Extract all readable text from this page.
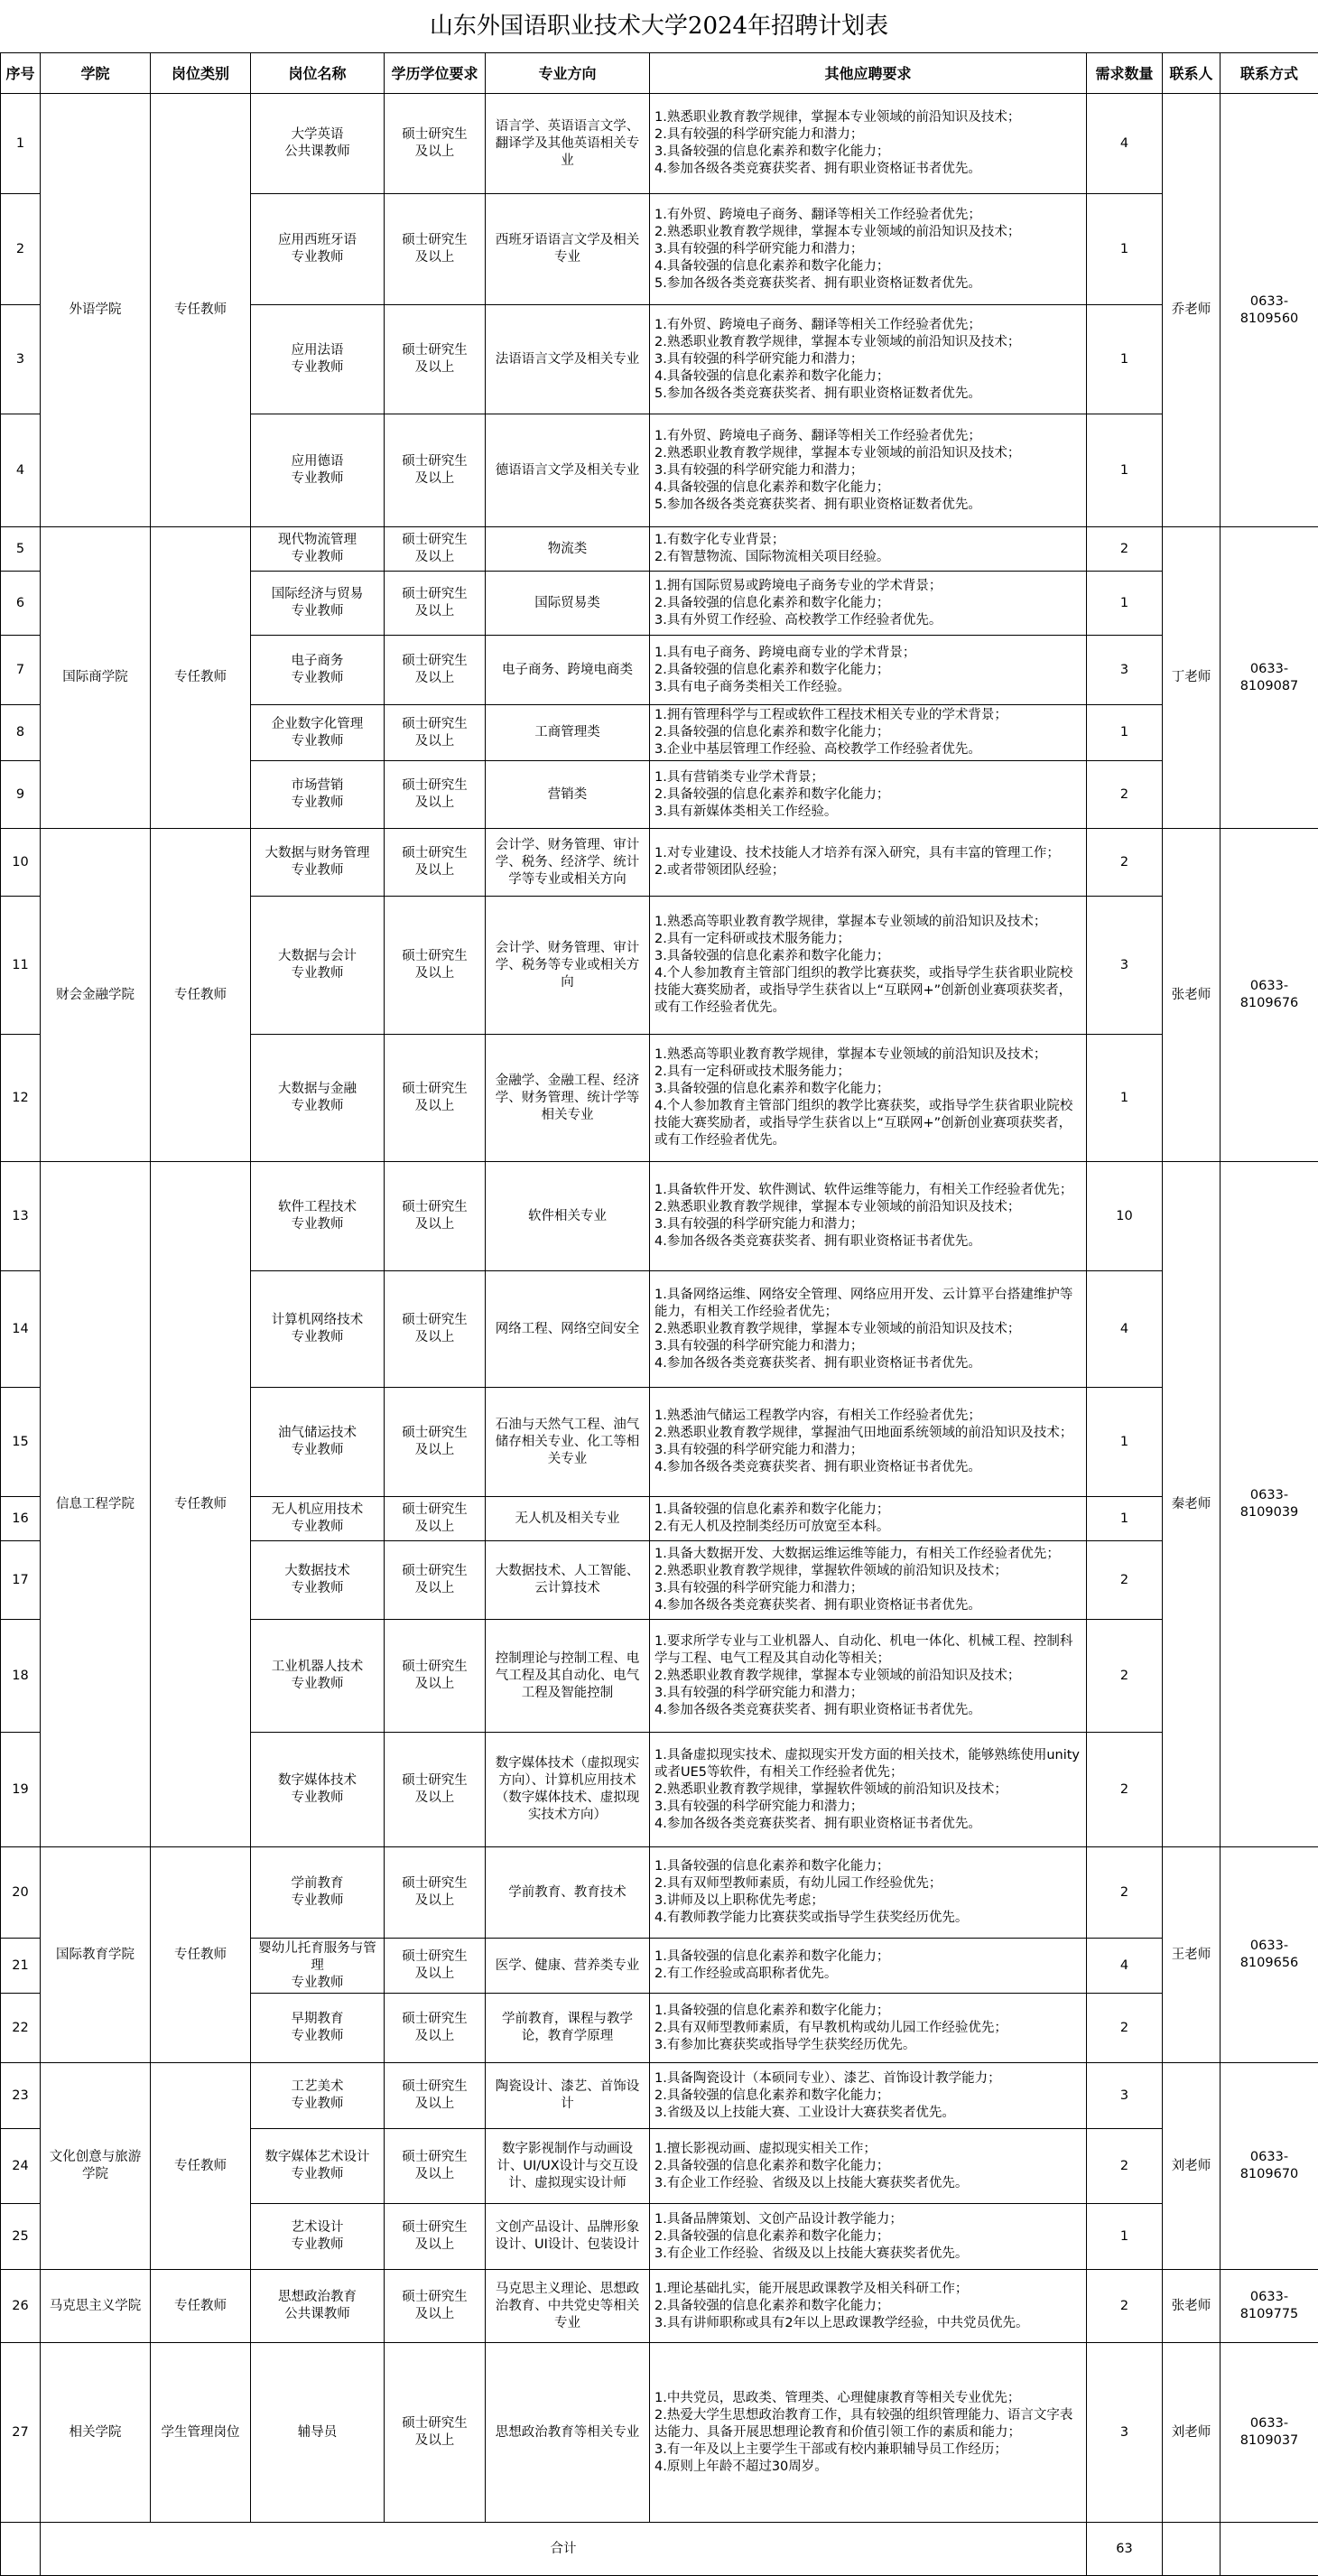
山东外国语职业技术大学2024年招聘计划表
序号	学院	岗位类别	岗位名称	学历学位要求	专业方向	其他应聘要求	需求数量	联系人	联系方式
1	外语学院	专任教师	大学英语
公共课教师	硕士研究生
及以上	语言学、英语语言文学、翻译学及其他英语相关专业	1.熟悉职业教育教学规律，掌握本专业领域的前沿知识及技术；
2.具有较强的科学研究能力和潜力；
3.具备较强的信息化素养和数字化能力；
4.参加各级各类竞赛获奖者、拥有职业资格证书者优先。	4	乔老师	0633-8109560
2			应用西班牙语
专业教师	硕士研究生
及以上	西班牙语语言文学及相关专业	1.有外贸、跨境电子商务、翻译等相关工作经验者优先；
2.熟悉职业教育教学规律，掌握本专业领域的前沿知识及技术；
3.具有较强的科学研究能力和潜力；
4.具备较强的信息化素养和数字化能力；
5.参加各级各类竞赛获奖者、拥有职业资格证数者优先。	1		
3			应用法语
专业教师	硕士研究生
及以上	法语语言文学及相关专业	1.有外贸、跨境电子商务、翻译等相关工作经验者优先；
2.熟悉职业教育教学规律，掌握本专业领域的前沿知识及技术；
3.具有较强的科学研究能力和潜力；
4.具备较强的信息化素养和数字化能力；
5.参加各级各类竞赛获奖者、拥有职业资格证数者优先。	1		
4			应用德语
专业教师	硕士研究生
及以上	德语语言文学及相关专业	1.有外贸、跨境电子商务、翻译等相关工作经验者优先；
2.熟悉职业教育教学规律，掌握本专业领域的前沿知识及技术；
3.具有较强的科学研究能力和潜力；
4.具备较强的信息化素养和数字化能力；
5.参加各级各类竞赛获奖者、拥有职业资格证数者优先。	1		
5	国际商学院	专任教师	现代物流管理
专业教师	硕士研究生
及以上	物流类	1.有数字化专业背景；
2.有智慧物流、国际物流相关项目经验。	2	丁老师	0633-8109087
6			国际经济与贸易
专业教师	硕士研究生
及以上	国际贸易类	1.拥有国际贸易或跨境电子商务专业的学术背景；
2.具备较强的信息化素养和数字化能力；
3.具有外贸工作经验、高校教学工作经验者优先。	1		
7			电子商务
专业教师	硕士研究生
及以上	电子商务、跨境电商类	1.具有电子商务、跨境电商专业的学术背景；
2.具备较强的信息化素养和数字化能力；
3.具有电子商务类相关工作经验。	3		
8			企业数字化管理
专业教师	硕士研究生
及以上	工商管理类	1.拥有管理科学与工程或软件工程技术相关专业的学术背景；
2.具备较强的信息化素养和数字化能力；
3.企业中基层管理工作经验、高校教学工作经验者优先。	1		
9			市场营销
专业教师	硕士研究生
及以上	营销类	1.具有营销类专业学术背景；
2.具备较强的信息化素养和数字化能力；
3.具有新媒体类相关工作经验。	2		
10	财会金融学院	专任教师	大数据与财务管理
专业教师	硕士研究生
及以上	会计学、财务管理、审计学、税务、经济学、统计学等专业或相关方向	1.对专业建设、技术技能人才培养有深入研究，具有丰富的管理工作；
2.或者带领团队经验；	2	张老师	0633-8109676
11			大数据与会计
专业教师	硕士研究生
及以上	会计学、财务管理、审计学、税务等专业或相关方向	1.熟悉高等职业教育教学规律，掌握本专业领域的前沿知识及技术；
2.具有一定科研或技术服务能力；
3.具备较强的信息化素养和数字化能力；
4.个人参加教育主管部门组织的教学比赛获奖，或指导学生获省职业院校技能大赛奖励者，或指导学生获省以上“互联网+”创新创业赛项获奖者，或有工作经验者优先。	3		
12			大数据与金融
专业教师	硕士研究生
及以上	金融学、金融工程、经济学、财务管理、统计学等相关专业	1.熟悉高等职业教育教学规律，掌握本专业领域的前沿知识及技术；
2.具有一定科研或技术服务能力；
3.具备较强的信息化素养和数字化能力；
4.个人参加教育主管部门组织的教学比赛获奖，或指导学生获省职业院校技能大赛奖励者，或指导学生获省以上“互联网+”创新创业赛项获奖者，或有工作经验者优先。	1		
13	信息工程学院	专任教师	软件工程技术
专业教师	硕士研究生
及以上	软件相关专业	1.具备软件开发、软件测试、软件运维等能力，有相关工作经验者优先；
2.熟悉职业教育教学规律，掌握本专业领域的前沿知识及技术；
3.具有较强的科学研究能力和潜力；
4.参加各级各类竞赛获奖者、拥有职业资格证书者优先。	10	秦老师	0633-8109039
14			计算机网络技术
专业教师	硕士研究生
及以上	网络工程、网络空间安全	1.具备网络运维、网络安全管理、网络应用开发、云计算平台搭建维护等能力，有相关工作经验者优先；
2.熟悉职业教育教学规律，掌握本专业领域的前沿知识及技术；
3.具有较强的科学研究能力和潜力；
4.参加各级各类竞赛获奖者、拥有职业资格证书者优先。	4		
15			油气储运技术
专业教师	硕士研究生
及以上	石油与天然气工程、油气储存相关专业、化工等相关专业	1.熟悉油气储运工程教学内容，有相关工作经验者优先；
2.熟悉职业教育教学规律，掌握油气田地面系统领域的前沿知识及技术；
3.具有较强的科学研究能力和潜力；
4.参加各级各类竞赛获奖者、拥有职业资格证书者优先。	1		
16			无人机应用技术
专业教师	硕士研究生
及以上	无人机及相关专业	1.具备较强的信息化素养和数字化能力；
2.有无人机及控制类经历可放宽至本科。	1		
17			大数据技术
专业教师	硕士研究生
及以上	大数据技术、人工智能、云计算技术	1.具备大数据开发、大数据运维运维等能力，有相关工作经验者优先；
2.熟悉职业教育教学规律，掌握软件领域的前沿知识及技术；
3.具有较强的科学研究能力和潜力；
4.参加各级各类竞赛获奖者、拥有职业资格证书者优先。	2		
18			工业机器人技术
专业教师	硕士研究生
及以上	控制理论与控制工程、电气工程及其自动化、电气工程及智能控制	1.要求所学专业与工业机器人、自动化、机电一体化、机械工程、控制科学与工程、电气工程及其自动化等相关；
2.熟悉职业教育教学规律，掌握本专业领域的前沿知识及技术；
3.具有较强的科学研究能力和潜力；
4.参加各级各类竞赛获奖者、拥有职业资格证书者优先。	2		
19			数字媒体技术
专业教师	硕士研究生
及以上	数字媒体技术（虚拟现实方向）、计算机应用技术（数字媒体技术、虚拟现实技术方向）	1.具备虚拟现实技术、虚拟现实开发方面的相关技术，能够熟练使用unity或者UE5等软件，有相关工作经验者优先；
2.熟悉职业教育教学规律，掌握软件领域的前沿知识及技术；
3.具有较强的科学研究能力和潜力；
4.参加各级各类竞赛获奖者、拥有职业资格证书者优先。	2		
20	国际教育学院	专任教师	学前教育
专业教师	硕士研究生
及以上	学前教育、教育技术	1.具备较强的信息化素养和数字化能力；
2.具有双师型教师素质，有幼儿园工作经验优先；
3.讲师及以上职称优先考虑；
4.有教师教学能力比赛获奖或指导学生获奖经历优先。	2	王老师	0633-8109656
21			婴幼儿托育服务与管理
专业教师	硕士研究生
及以上	医学、健康、营养类专业	1.具备较强的信息化素养和数字化能力；
2.有工作经验或高职称者优先。	4		
22			早期教育
专业教师	硕士研究生
及以上	学前教育，课程与教学论，教育学原理	1.具备较强的信息化素养和数字化能力；
2.具有双师型教师素质，有早教机构或幼儿园工作经验优先；
3.有参加比赛获奖或指导学生获奖经历优先。	2		
23	文化创意与旅游学院	专任教师	工艺美术
专业教师	硕士研究生
及以上	陶瓷设计、漆艺、首饰设计	1.具备陶瓷设计（本硕同专业）、漆艺、首饰设计教学能力；
2.具备较强的信息化素养和数字化能力；
3.省级及以上技能大赛、工业设计大赛获奖者优先。	3	刘老师	0633-8109670
24			数字媒体艺术设计
专业教师	硕士研究生
及以上	数字影视制作与动画设计、UI/UX设计与交互设计、虚拟现实设计师	1.擅长影视动画、虚拟现实相关工作；
2.具备较强的信息化素养和数字化能力；
3.有企业工作经验、省级及以上技能大赛获奖者优先。	2		
25			艺术设计
专业教师	硕士研究生
及以上	文创产品设计、品牌形象设计、UI设计、包装设计	1.具备品牌策划、文创产品设计教学能力；
2.具备较强的信息化素养和数字化能力；
3.有企业工作经验、省级及以上技能大赛获奖者优先。	1		
26	马克思主义学院	专任教师	思想政治教育
公共课教师	硕士研究生
及以上	马克思主义理论、思想政治教育、中共党史等相关专业	1.理论基础扎实，能开展思政课教学及相关科研工作；
2.具备较强的信息化素养和数字化能力；
3.具有讲师职称或具有2年以上思政课教学经验，中共党员优先。	2	张老师	0633-8109775
27	相关学院	学生管理岗位	辅导员	硕士研究生
及以上	思想政治教育等相关专业	1.中共党员，思政类、管理类、心理健康教育等相关专业优先；
2.热爱大学生思想政治教育工作，具有较强的组织管理能力、语言文字表达能力、具备开展思想理论教育和价值引领工作的素质和能力；
3.有一年及以上主要学生干部或有校内兼职辅导员工作经历；
4.原则上年龄不超过30周岁。	3	刘老师	0633-8109037
	合计						63		
